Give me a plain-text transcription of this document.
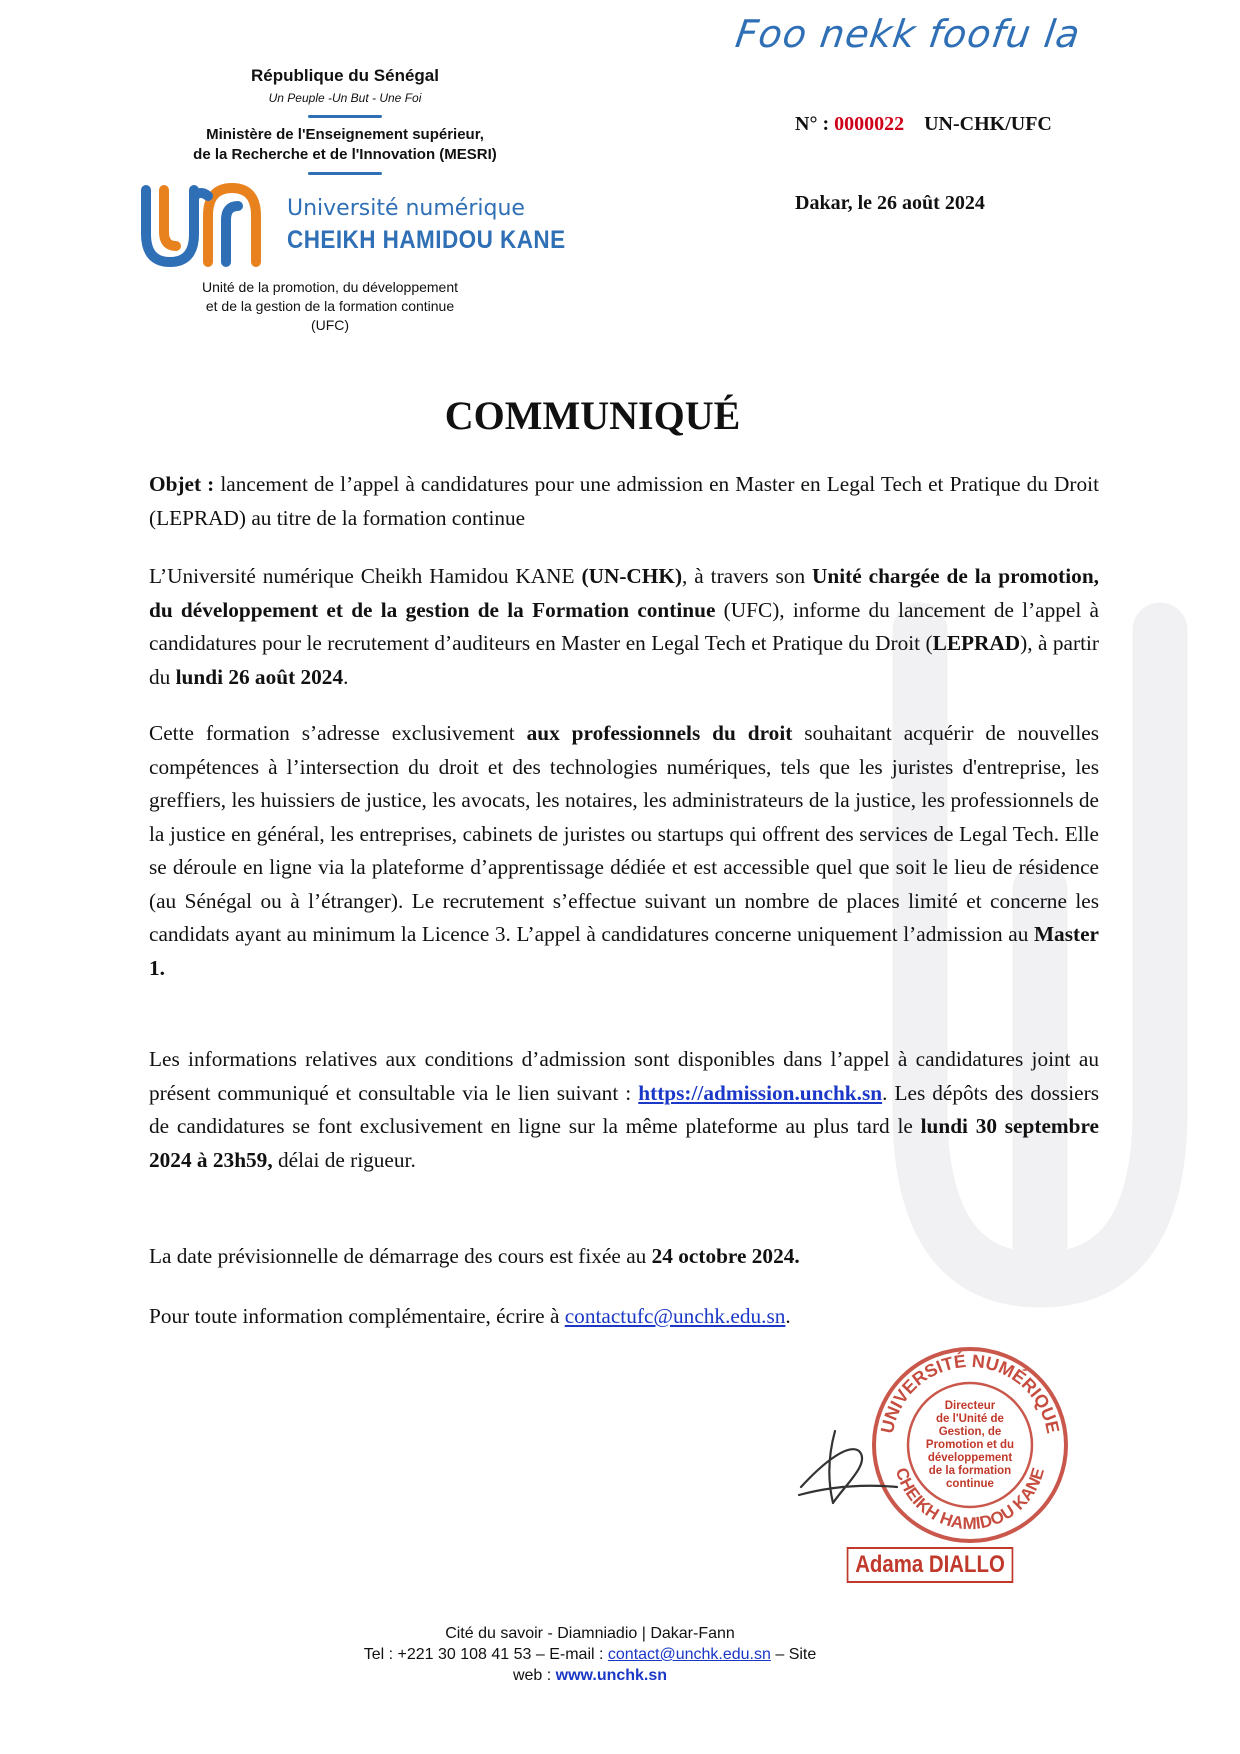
Foo nekk foofu la
République du Sénégal
Un Peuple -Un But - Une Foi
Ministère de l'Enseignement supérieur,
de la Recherche et de l'Innovation (MESRI)
Université numérique
CHEIKH HAMIDOU KANE
Unité de la promotion, du développement
et de la gestion de la formation continue
(UFC)
N° : 0000022 UN-CHK/UFC
Dakar, le 26 août 2024
COMMUNIQUÉ
Objet : lancement de l’appel à candidatures pour une admission en Master en Legal Tech et Pratique du Droit (LEPRAD) au titre de la formation continue
L’Université numérique Cheikh Hamidou KANE (UN-CHK), à travers son Unité chargée de la promotion, du développement et de la gestion de la Formation continue (UFC), informe du lancement de l’appel à candidatures pour le recrutement d’auditeurs en Master en Legal Tech et Pratique du Droit (LEPRAD), à partir du lundi 26 août 2024.
Cette formation s’adresse exclusivement aux professionnels du droit souhaitant acquérir de nouvelles compétences à l’intersection du droit et des technologies numériques, tels que les juristes d'entreprise, les greffiers, les huissiers de justice, les avocats, les notaires, les administrateurs de la justice, les professionnels de la justice en général, les entreprises, cabinets de juristes ou startups qui offrent des services de Legal Tech. Elle se déroule en ligne via la plateforme d’apprentissage dédiée et est accessible quel que soit le lieu de résidence (au Sénégal ou à l’étranger). Le recrutement s’effectue suivant un nombre de places limité et concerne les candidats ayant au minimum la Licence 3. L’appel à candidatures concerne uniquement l’admission au Master 1.
Les informations relatives aux conditions d’admission sont disponibles dans l’appel à candidatures joint au présent communiqué et consultable via le lien suivant : https://admission.unchk.sn. Les dépôts des dossiers de candidatures se font exclusivement en ligne sur la même plateforme au plus tard le lundi 30 septembre 2024 à 23h59, délai de rigueur.
La date prévisionnelle de démarrage des cours est fixée au 24 octobre 2024.
Pour toute information complémentaire, écrire à contactufc@unchk.edu.sn.
UNIVERSITÉ NUMÉRIQUE
CHEIKH HAMIDOU KANE
Directeur
de l'Unité de
Gestion, de
Promotion et du
développement
de la formation
continue
Adama DIALLO
Cité du savoir - Diamniadio | Dakar-Fann
Tel : +221 30 108 41 53 – E-mail : contact@unchk.edu.sn – Site
web : www.unchk.sn
